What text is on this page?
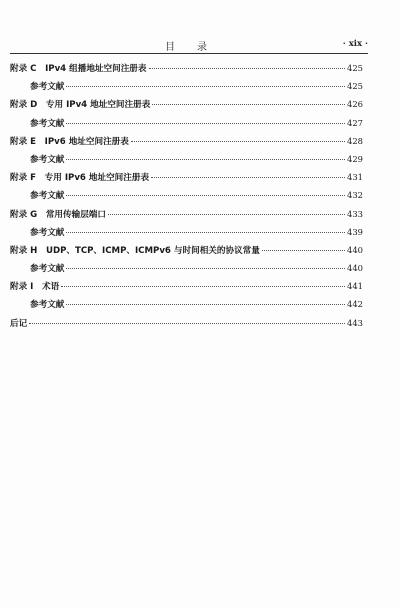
目　录	· xix ·
附录 C　IPv4 组播地址空间注册表	425
参考文献	425
附录 D　专用 IPv4 地址空间注册表	426
参考文献	427
附录 E　IPv6 地址空间注册表	428
参考文献	429
附录 F　专用 IPv6 地址空间注册表	431
参考文献	432
附录 G　常用传输层端口	433
参考文献	439
附录 H　UDP、TCP、ICMP、ICMPv6 与时间相关的协议常量	440
参考文献	440
附录 I　术语	441
参考文献	442
后记	443
